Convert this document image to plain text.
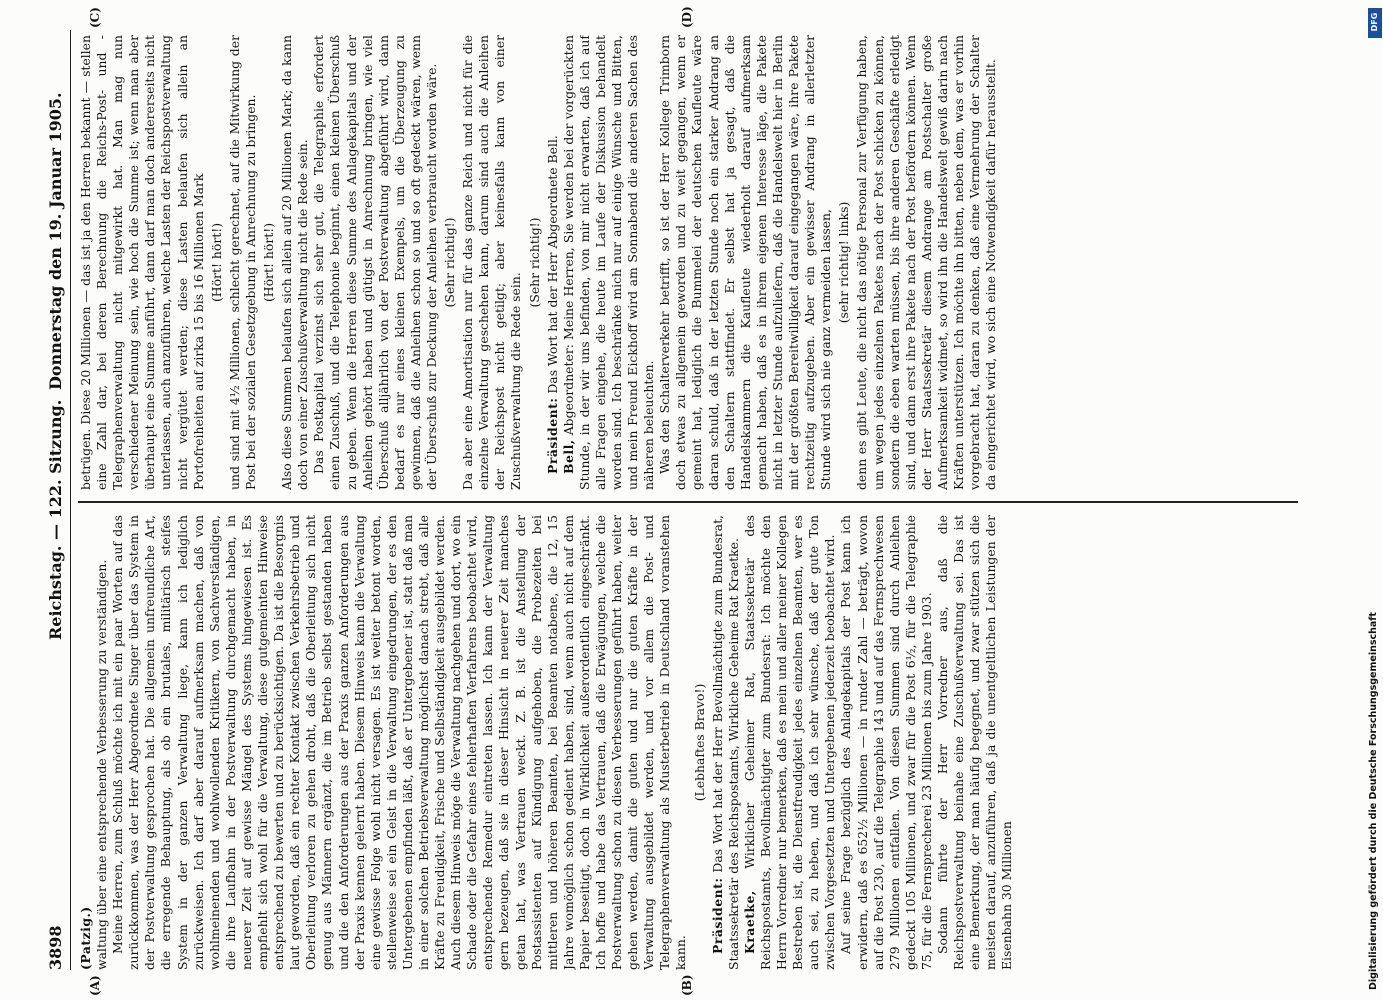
3898
Reichstag. — 122. Sitzung.
Donnerstag den 19. Januar 1905.
(A)	(B)
(C)	(D)

(Patzig.) waltung über eine entsprechende Verbesserung zu verständigen. Meine Herren, zum Schluß möchte ich mit ein paar Worten auf das zurückkommen, was der Herr Abgeordnete Singer über das System in der Postverwaltung gesprochen hat. Die allgemein unfreundliche Art, die erregende Behauptung, als ob ein brutales, militärisch steifes System in der ganzen Verwaltung liege, kann ich lediglich zurückweisen. Ich darf aber darauf aufmerksam machen, daß von wohlmeinenden und wohlwollenden Kritikern, von Sachverständigen, die ihre Laufbahn in der Postverwaltung durchgemacht haben, in neuerer Zeit auf gewisse Mängel des Systems hingewiesen ist. Es empfiehlt sich wohl für die Verwaltung, diese gutgemeinten Hinweise entsprechend zu bewerten und zu berücksichtigen. Da ist die Besorgnis laut geworden, daß ein rechter Kontakt zwischen Verkehrsbetrieb und Oberleitung verloren zu gehen droht, daß die Oberleitung sich nicht genug aus Männern ergänzt, die im Betrieb selbst gestanden haben und die den Anforderungen aus der Praxis ganzen Anforderungen aus der Praxis kennen gelernt haben. Diesem Hinweis kann die Verwaltung eine gewisse Folge wohl nicht versagen. Es ist weiter betont worden, stellenweise sei ein Geist in die Verwaltung eingedrungen, der es den Untergebenen empfinden läßt, daß er Untergebener ist, statt daß man in einer solchen Betriebsverwaltung möglichst danach strebt, daß alle Kräfte zu Freudigkeit, Frische und Selbständigkeit ausgebildet werden. Auch diesem Hinweis möge die Verwaltung nachgehen und dort, wo ein Schade oder die Gefahr eines fehlerhaften Verfahrens beobachtet wird, entsprechende Remedur eintreten lassen. Ich kann der Verwaltung gern bezeugen, daß sie in dieser Hinsicht in neuerer Zeit manches getan hat, was Vertrauen weckt. Z. B. ist die Anstellung der Postassistenten auf Kündigung aufgehoben, die Probezeiten bei mittleren und höheren Beamten, bei Beamten notabene, die 12, 15 Jahre womöglich schon gedient haben, sind, wenn auch nicht auf dem Papier beseitigt, doch in Wirklichkeit außerordentlich eingeschränkt. Ich hoffe und habe das Vertrauen, daß die Erwägungen, welche die Postverwaltung schon zu diesen Verbesserungen geführt haben, weiter gehen werden, damit die guten und nur die guten Kräfte in der Verwaltung ausgebildet werden, und vor allem die Post- und Telegraphenverwaltung als Musterbetrieb in Deutschland voranstehen kann.

(Lebhaftes Bravo!)

Präsident: Das Wort hat der Herr Bevollmächtigte zum Bundesrat, Staatssekretär des Reichspostamts, Wirkliche Geheime Rat Kraetke. Kraetke, Wirklicher Geheimer Rat, Staatssekretär des Reichspostamts, Bevollmächtigter zum Bundesrat: Ich möchte den Herrn Vorredner nur bemerken, daß es mein und aller meiner Kollegen Bestreben ist, die Dienstfreudigkeit jedes einzelnen Beamten, wer es auch sei, zu heben, und daß ich sehr wünsche, daß der gute Ton zwischen Vorgesetzten und Untergebenen jederzeit beobachtet wird. Auf seine Frage bezüglich des Anlagekapitals der Post kann ich erwidern, daß es 652½ Millionen — in runder Zahl — beträgt, wovon auf die Post 230, auf die Telegraphie 143 und auf das Fernsprechwesen 279 Millionen entfallen. Von diesen Summen sind durch Anleihen gedeckt 105 Millionen, und zwar für die Post 6½, für die Telegraphie 75, für die Fernsprecherei 23 Millionen bis zum Jahre 1903. Sodann führte der Herr Vorredner aus, daß die Reichspostverwaltung beinahe eine Zuschußverwaltung sei. Das ist eine Bemerkung, der man häufig begegnet, und zwar stützen sich die meisten darauf, anzuführen, daß ja die unentgeltlichen Leistungen der Eisenbahn 30 Millionen

betrügen. Diese 20 Millionen — das ist ja den Herren bekannt — stellen eine Zahl dar, bei deren Berechnung die Reichs-Post- und -Telegraphenverwaltung nicht mitgewirkt hat. Man mag nun verschiedener Meinung sein, wie hoch die Summe ist; wenn man aber überhaupt eine Summe anführt, dann darf man doch andererseits nicht unterlassen, auch anzuführen, welche Lasten der Reichspostverwaltung nicht vergütet werden; diese Lasten belaufen sich allein an Portofreiheiten auf zirka 15 bis 16 Millionen Mark (Hört! hört!) und sind mit 4½ Millionen, schlecht gerechnet, auf die Mitwirkung der Post bei der sozialen Gesetzgebung in Anrechnung zu bringen. (Hört! hört!) Also diese Summen belaufen sich allein auf 20 Millionen Mark; da kann doch von einer Zuschußverwaltung nicht die Rede sein. Das Postkapital verzinst sich sehr gut, die Telegraphie erfordert einen Zuschuß, und die Telephonie beginnt, einen kleinen Überschuß zu geben. Wenn die Herren diese Summe des Anlagekapitals und der Anleihen gehört haben und gütigst in Anrechnung bringen, wie viel Überschuß alljährlich von der Postverwaltung abgeführt wird, dann bedarf es nur eines kleinen Exempels, um die Überzeugung zu gewinnen, daß die Anleihen schon so und so oft gedeckt wären, wenn der Überschuß zur Deckung der Anleihen verbraucht worden wäre. (Sehr richtig!) Da aber eine Amortisation nur für das ganze Reich und nicht für die einzelne Verwaltung geschehen kann, darum sind auch die Anleihen der Reichspost nicht getilgt; aber keinesfalls kann von einer Zuschußverwaltung die Rede sein.

(Sehr richtig!)

Präsident: Das Wort hat der Herr Abgeordnete Bell.

Bell, Abgeordneter: Meine Herren, Sie werden bei der vorgerückten Stunde, in der wir uns befinden, von mir nicht erwarten, daß ich auf alle Fragen eingehe, die heute im Laufe der Diskussion behandelt worden sind. Ich beschränke mich nur auf einige Wünsche und Bitten, und mein Freund Eickhoff wird am Sonnabend die anderen Sachen des näheren beleuchten. Was den Schalterverkehr betrifft, so ist der Herr Kollege Trimborn doch etwas zu allgemein geworden und zu weit gegangen, wenn er gemeint hat, lediglich die Bummelei der deutschen Kaufleute wäre daran schuld, daß in der letzten Stunde noch ein starker Andrang an den Schaltern stattfindet. Er selbst hat ja gesagt, daß die Handelskammern die Kaufleute wiederholt darauf aufmerksam gemacht haben, daß es in ihrem eigenen Interesse läge, die Pakete nicht in letzter Stunde aufzuliefern, daß die Handelswelt hier in Berlin mit der größten Bereitwilligkeit darauf eingegangen wäre, ihre Pakete rechtzeitig aufzugeben. Aber ein gewisser Andrang in allerletzter Stunde wird sich nie ganz vermeiden lassen, (sehr richtig! links) denn es gibt Leute, die nicht das nötige Personal zur Verfügung haben, um wegen jedes einzelnen Paketes nach der Post schicken zu können, sondern die eben warten müssen, bis ihre anderen Geschäfte erledigt sind, und dann erst ihre Pakete nach der Post befördern können. Wenn der Herr Staatssekretär diesem Andrange am Postschalter große Aufmerksamkeit widmet, so wird ihn die Handelswelt gewiß darin nach Kräften unterstützen. Ich möchte ihn bitten, neben dem, was er vorhin vorgebracht hat, daran zu denken, daß eine Vermehrung der Schalter da eingerichtet wird, wo sich eine Notwendigkeit dafür herausstellt.

DFG
Digitalisierung gefördert durch die Deutsche Forschungsgemeinschaft
